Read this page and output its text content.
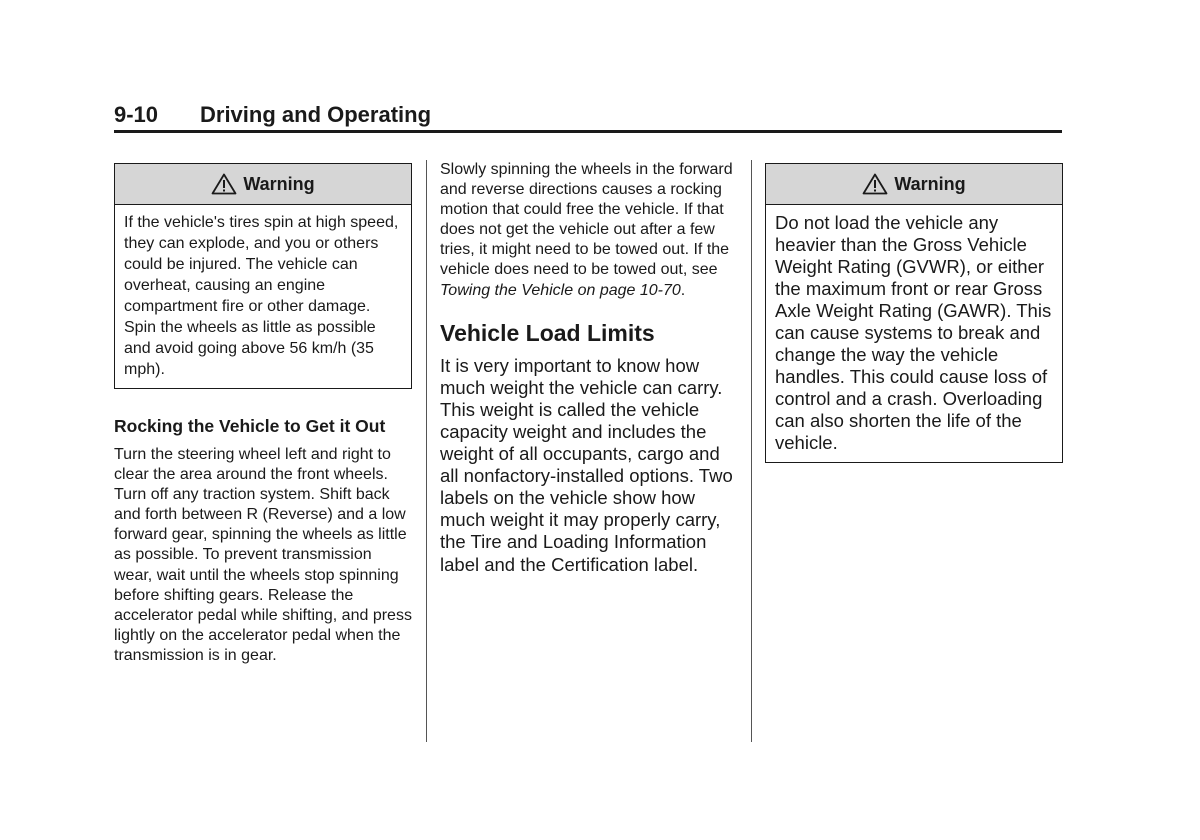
9-10 Driving and Operating
Warning
If the vehicle's tires spin at high speed, they can explode, and you or others could be injured. The vehicle can overheat, causing an engine compartment fire or other damage. Spin the wheels as little as possible and avoid going above 56 km/h (35 mph).
Rocking the Vehicle to Get it Out

Turn the steering wheel left and right to clear the area around the front wheels. Turn off any traction system. Shift back and forth between R (Reverse) and a low forward gear, spinning the wheels as little as possible. To prevent transmission wear, wait until the wheels stop spinning before shifting gears. Release the accelerator pedal while shifting, and press lightly on the accelerator pedal when the transmission is in gear.

Slowly spinning the wheels in the forward and reverse directions causes a rocking motion that could free the vehicle. If that does not get the vehicle out after a few tries, it might need to be towed out. If the vehicle does need to be towed out, see Towing the Vehicle on page 10-70.

Vehicle Load Limits

It is very important to know how much weight the vehicle can carry. This weight is called the vehicle capacity weight and includes the weight of all occupants, cargo and all nonfactory-installed options. Two labels on the vehicle show how much weight it may properly carry, the Tire and Loading Information label and the Certification label.

Warning
Do not load the vehicle any heavier than the Gross Vehicle Weight Rating (GVWR), or either the maximum front or rear Gross Axle Weight Rating (GAWR). This can cause systems to break and change the way the vehicle handles. This could cause loss of control and a crash. Overloading can also shorten the life of the vehicle.
